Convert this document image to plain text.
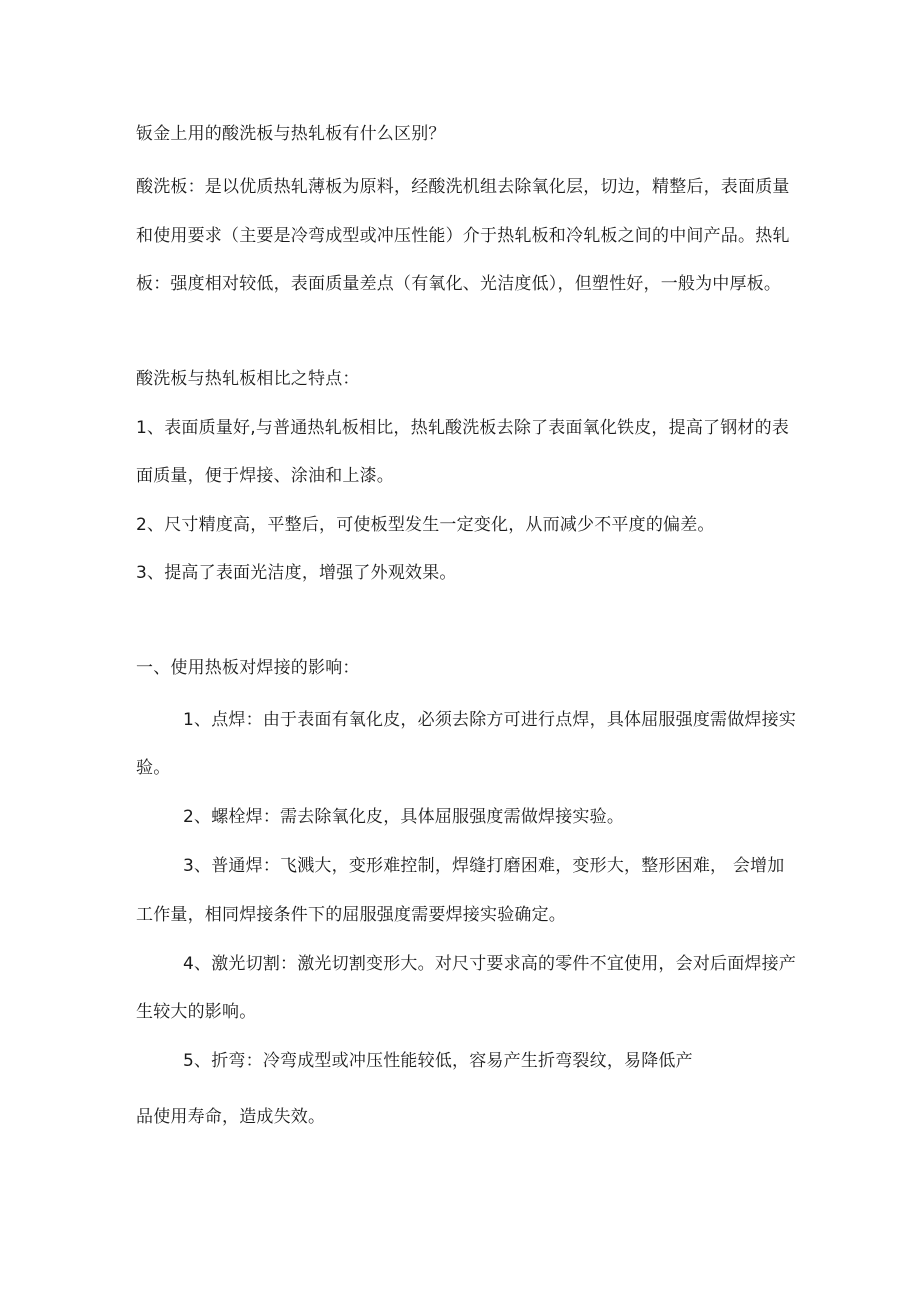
钣金上用的酸洗板与热轧板有什么区别？
酸洗板：是以优质热轧薄板为原料，经酸洗机组去除氧化层，切边，精整后，表面质量
和使用要求（主要是冷弯成型或冲压性能）介于热轧板和冷轧板之间的中间产品。热轧
板：强度相对较低，表面质量差点（有氧化、光洁度低），但塑性好，一般为中厚板。
酸洗板与热轧板相比之特点：
1、表面质量好,与普通热轧板相比，热轧酸洗板去除了表面氧化铁皮，提高了钢材的表
面质量，便于焊接、涂油和上漆。
2、尺寸精度高，平整后，可使板型发生一定变化，从而减少不平度的偏差。
3、提高了表面光洁度，增强了外观效果。
一、使用热板对焊接的影响：
1、点焊：由于表面有氧化皮，必须去除方可进行点焊，具体屈服强度需做焊接实
验。
2、螺栓焊：需去除氧化皮，具体屈服强度需做焊接实验。
3、普通焊：飞溅大，变形难控制，焊缝打磨困难，变形大，整形困难， 会增加
工作量，相同焊接条件下的屈服强度需要焊接实验确定。
4、激光切割：激光切割变形大。对尺寸要求高的零件不宜使用，会对后面焊接产
生较大的影响。
5、折弯：冷弯成型或冲压性能较低，容易产生折弯裂纹，易降低产
品使用寿命，造成失效。
